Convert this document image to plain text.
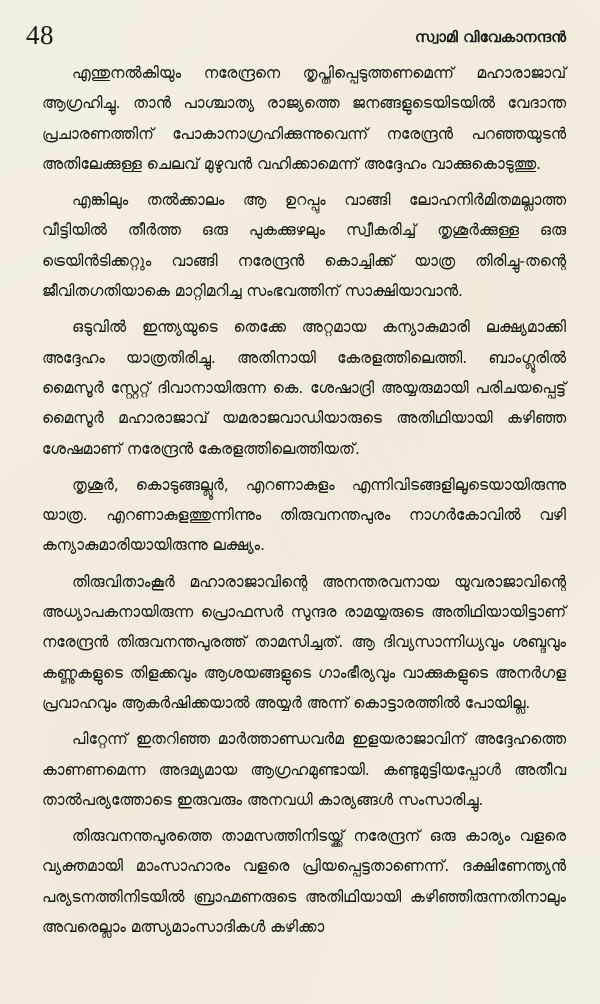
48	സ്വാമി വിവേകാനന്ദൻ

എന്തുനൽകിയും നരേന്ദ്രനെ തൃപ്തിപ്പെടുത്തണമെന്ന് മഹാരാജാവ് ആഗ്രഹിച്ചു. താൻ പാശ്ചാത്യ രാജ്യത്തെ ജനങ്ങളുടെയിടയിൽ വേദാന്ത പ്രചാരണത്തിന് പോകാനാഗ്രഹിക്കുന്നുവെന്ന് നരേന്ദ്രൻ പറഞ്ഞയുടൻ അതിലേക്കുള്ള ചെലവ് മുഴുവൻ വഹിക്കാമെന്ന് അദ്ദേഹം വാക്കുകൊടുത്തു.

എങ്കിലും തൽക്കാലം ആ ഉറപ്പും വാങ്ങി ലോഹനിർമിതമല്ലാത്ത വീട്ടിയിൽ തീർത്ത ഒരു പുകക്കുഴലും സ്വീകരിച്ച് തൃശൂർക്കുള്ള ഒരു ട്രെയിൻടിക്കറ്റും വാങ്ങി നരേന്ദ്രൻ കൊച്ചിക്ക് യാത്ര തിരിച്ചു-തന്റെ ജീവിതഗതിയാകെ മാറ്റിമറിച്ച സംഭവത്തിന് സാക്ഷിയാവാൻ.

ഒടുവിൽ ഇന്ത്യയുടെ തെക്കേ അറ്റമായ കന്യാകുമാരി ലക്ഷ്യമാക്കി അദ്ദേഹം യാത്രതിരിച്ചു. അതിനായി കേരളത്തിലെത്തി. ബാംഗ്ലൂരിൽ മൈസൂർ സ്റ്റേറ്റ് ദിവാനായിരുന്ന കെ. ശേഷാദ്രി അയ്യരുമായി പരിചയപ്പെട്ട് മൈസൂർ മഹാരാജാവ് യമരാജവാഡിയാരുടെ അതിഥിയായി കഴിഞ്ഞ ശേഷമാണ് നരേന്ദ്രൻ കേരളത്തിലെത്തിയത്.

തൃശൂർ, കൊടുങ്ങല്ലൂർ, എറണാകുളം എന്നിവിടങ്ങളിലൂടെയായിരുന്നു യാത്ര. എറണാകുളത്തുന്നിന്നും തിരുവനന്തപുരം നാഗർകോവിൽ വഴി കന്യാകുമാരിയായിരുന്നു ലക്ഷ്യം.

തിരുവിതാംകൂർ മഹാരാജാവിന്റെ അനന്തരവനായ യുവരാജാവിന്റെ അധ്യാപകനായിരുന്ന പ്രൊഫസർ സുന്ദര രാമയ്യരുടെ അതിഥിയായിട്ടാണ് നരേന്ദ്രൻ തിരുവനന്തപുരത്ത് താമസിച്ചത്. ആ ദിവ്യസാന്നിധ്യവും ശബ്ദവും കണ്ണുകളുടെ തിളക്കവും ആശയങ്ങളുടെ ഗാംഭീര്യവും വാക്കുകളുടെ അനർഗള പ്രവാഹവും ആകർഷിക്കയാൽ അയ്യർ അന്ന് കൊട്ടാരത്തിൽ പോയില്ല.

പിറ്റേന്ന് ഇതറിഞ്ഞ മാർത്താണ്ഡവർമ ഇളയരാജാവിന് അദ്ദേഹത്തെ കാണണമെന്ന അദമ്യമായ ആഗ്രഹമുണ്ടായി. കണ്ടുമുട്ടിയപ്പോൾ അതീവ താൽപര്യത്തോടെ ഇരുവരും അനവധി കാര്യങ്ങൾ സംസാരിച്ചു.

തിരുവനന്തപുരത്തെ താമസത്തിനിടയ്ക്ക് നരേന്ദ്രന് ഒരു കാര്യം വളരെ വ്യക്തമായി മാംസാഹാരം വളരെ പ്രിയപ്പെട്ടതാണെന്ന്. ദക്ഷിണേന്ത്യൻ പര്യടനത്തിനിടയിൽ ബ്രാഹ്മണരുടെ അതിഥിയായി കഴിഞ്ഞിരുന്നതിനാലും അവരെല്ലാം മത്സ്യമാംസാദികൾ കഴിക്കാ
